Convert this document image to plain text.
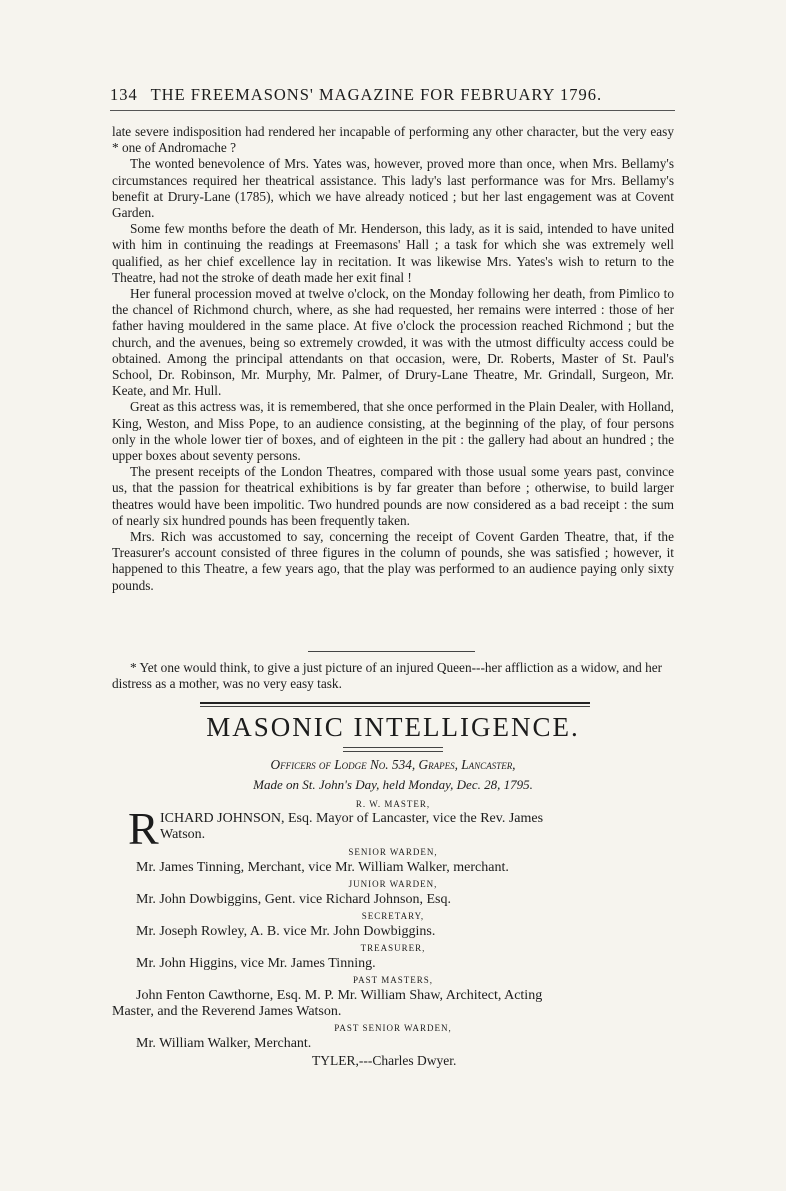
134 THE FREEMASONS' MAGAZINE FOR FEBRUARY 1796.

late severe indisposition had rendered her incapable of performing any other character, but the very easy * one of Andromache ?

The wonted benevolence of Mrs. Yates was, however, proved more than once, when Mrs. Bellamy's circumstances required her theatrical assistance. This lady's last performance was for Mrs. Bellamy's benefit at Drury-Lane (1785), which we have already noticed ; but her last engagement was at Covent Garden.

Some few months before the death of Mr. Henderson, this lady, as it is said, intended to have united with him in continuing the readings at Freemasons' Hall ; a task for which she was extremely well qualified, as her chief excellence lay in recitation. It was likewise Mrs. Yates's wish to return to the Theatre, had not the stroke of death made her exit final !

Her funeral procession moved at twelve o'clock, on the Monday following her death, from Pimlico to the chancel of Richmond church, where, as she had requested, her remains were interred : those of her father having mouldered in the same place. At five o'clock the procession reached Richmond ; but the church, and the avenues, being so extremely crowded, it was with the utmost difficulty access could be obtained. Among the principal attendants on that occasion, were, Dr. Roberts, Master of St. Paul's School, Dr. Robinson, Mr. Murphy, Mr. Palmer, of Drury-Lane Theatre, Mr. Grindall, Surgeon, Mr. Keate, and Mr. Hull.

Great as this actress was, it is remembered, that she once performed in the Plain Dealer, with Holland, King, Weston, and Miss Pope, to an audience consisting, at the beginning of the play, of four persons only in the whole lower tier of boxes, and of eighteen in the pit : the gallery had about an hundred ; the upper boxes about seventy persons.

The present receipts of the London Theatres, compared with those usual some years past, convince us, that the passion for theatrical exhibitions is by far greater than before ; otherwise, to build larger theatres would have been impolitic. Two hundred pounds are now considered as a bad receipt : the sum of nearly six hundred pounds has been frequently taken.

Mrs. Rich was accustomed to say, concerning the receipt of Covent Garden Theatre, that, if the Treasurer's account consisted of three figures in the column of pounds, she was satisfied ; however, it happened to this Theatre, a few years ago, that the play was performed to an audience paying only sixty pounds.

* Yet one would think, to give a just picture of an injured Queen---her affliction as a widow, and her distress as a mother, was no very easy task.
MASONIC INTELLIGENCE.
Officers of Lodge No. 534, Grapes, Lancaster,
Made on St. John's Day, held Monday, Dec. 28, 1795.
R. W. MASTER,
R ICHARD JOHNSON, Esq. Mayor of Lancaster, vice the Rev. James
Watson.
SENIOR WARDEN,
Mr. James Tinning, Merchant, vice Mr. William Walker, merchant.
JUNIOR WARDEN,
Mr. John Dowbiggins, Gent. vice Richard Johnson, Esq.
SECRETARY,
Mr. Joseph Rowley, A. B. vice Mr. John Dowbiggins.
TREASURER,
Mr. John Higgins, vice Mr. James Tinning.
PAST MASTERS,
John Fenton Cawthorne, Esq. M. P. Mr. William Shaw, Architect, Acting
Master, and the Reverend James Watson.
PAST SENIOR WARDEN,
Mr. William Walker, Merchant.
TYLER,---Charles Dwyer.
